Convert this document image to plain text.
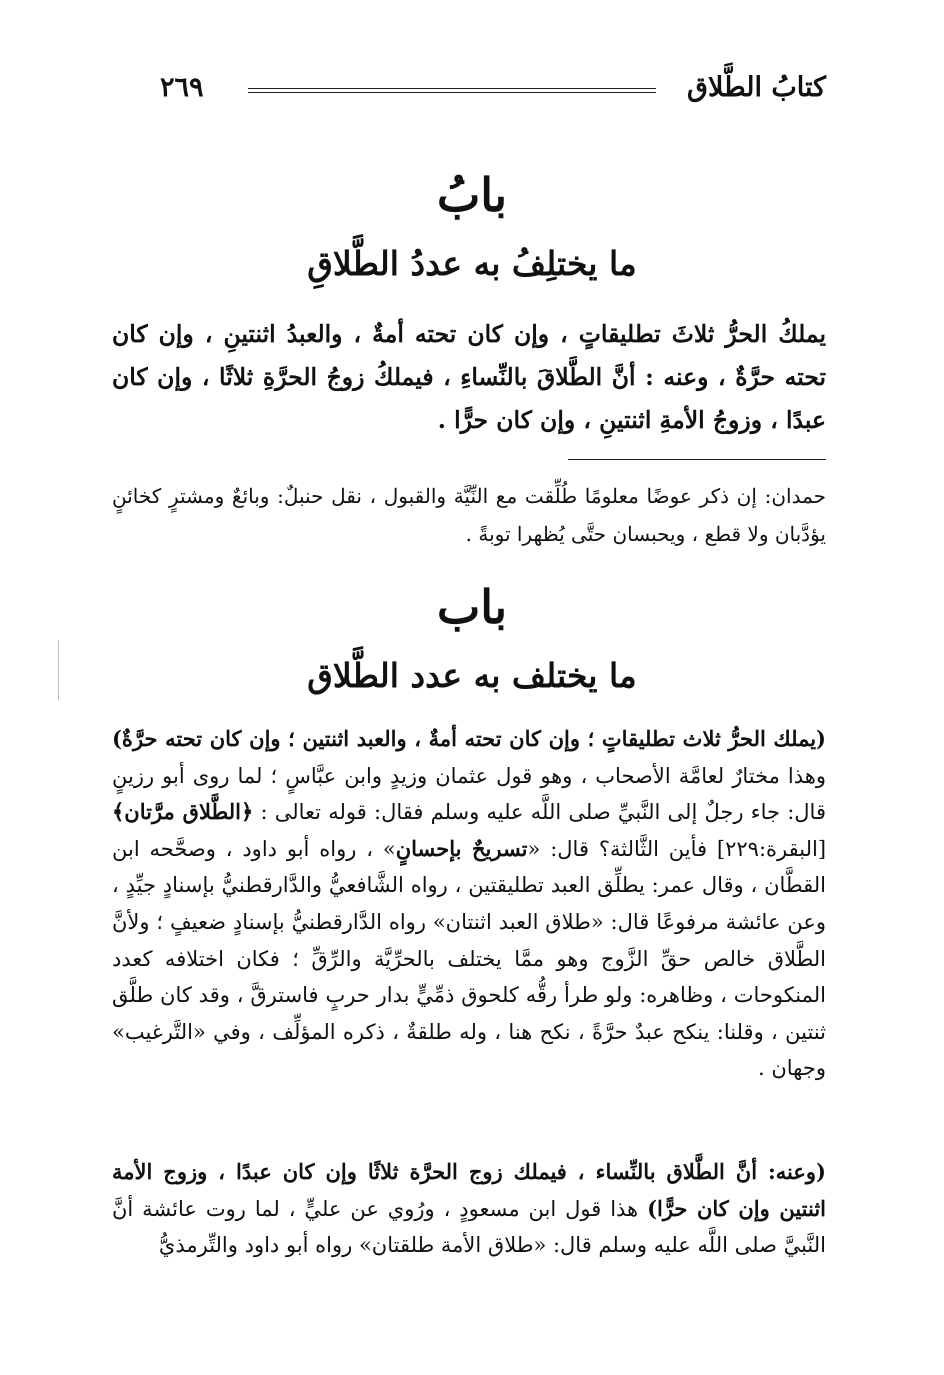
كتابُ الطَّلاق
٢٦٩
بابُ
ما يختلِفُ به عددُ الطَّلاقِ
يملكُ الحرُّ ثلاثَ تطليقاتٍ ، وإن كان تحته أمةٌ ، والعبدُ اثنتينِ ، وإن كان تحته حرَّةٌ ، وعنه : أنَّ الطَّلاقَ بالنِّساءِ ، فيملكُ زوجُ الحرَّةِ ثلاثًا ، وإن كان عبدًا ، وزوجُ الأمةِ اثنتينِ ، وإن كان حرًّا .
حمدان: إن ذكر عوضًا معلومًا طُلِّقت مع النِّيَّة والقبول ، نقل حنبلٌ: وبائعٌ ومشترٍ كخائنٍ يؤدَّبان ولا قطع ، ويحبسان حتَّى يُظهرا توبةً .
باب
ما يختلف به عدد الطَّلاق
(يملك الحرُّ ثلاث تطليقاتٍ ؛ وإن كان تحته أمةٌ ، والعبد اثنتين ؛ وإن كان تحته حرَّةٌ) وهذا مختارٌ لعامَّة الأصحاب ، وهو قول عثمان وزيدٍ وابن عبَّاسٍ ؛ لما روى أبو رزينٍ قال: جاء رجلٌ إلى النَّبيِّ صلى اللَّه عليه وسلم فقال: قوله تعالى : ﴿الطَّلاق مرَّتان﴾ [البقرة:٢٢٩] فأين الثَّالثة؟ قال: «تسريحٌ بإحسانٍ» ، رواه أبو داود ، وصحَّحه ابن القطَّان ، وقال عمر: يطلِّق العبد تطليقتين ، رواه الشَّافعيُّ والدَّارقطنيُّ بإسنادٍ جيِّدٍ ، وعن عائشة مرفوعًا قال: «طلاق العبد اثنتان» رواه الدَّارقطنيُّ بإسنادٍ ضعيفٍ ؛ ولأنَّ الطَّلاق خالص حقِّ الزَّوج وهو ممَّا يختلف بالحرِّيَّة والرِّقِّ ؛ فكان اختلافه كعدد المنكوحات ، وظاهره: ولو طرأ رقُّه كلحوق ذمِّيٍّ بدار حربٍ فاسترقَّ ، وقد كان طلَّق ثنتين ، وقلنا: ينكح عبدٌ حرَّةً ، نكح هنا ، وله طلقةٌ ، ذكره المؤلِّف ، وفي «التَّرغيب» وجهان .
(وعنه: أنَّ الطَّلاق بالنِّساء ، فيملك زوج الحرَّة ثلاثًا وإن كان عبدًا ، وزوج الأمة اثنتين وإن كان حرًّا) هذا قول ابن مسعودٍ ، ورُوي عن عليٍّ ، لما روت عائشة أنَّ النَّبيَّ صلى اللَّه عليه وسلم قال: «طلاق الأمة طلقتان» رواه أبو داود والتِّرمذيُّ
